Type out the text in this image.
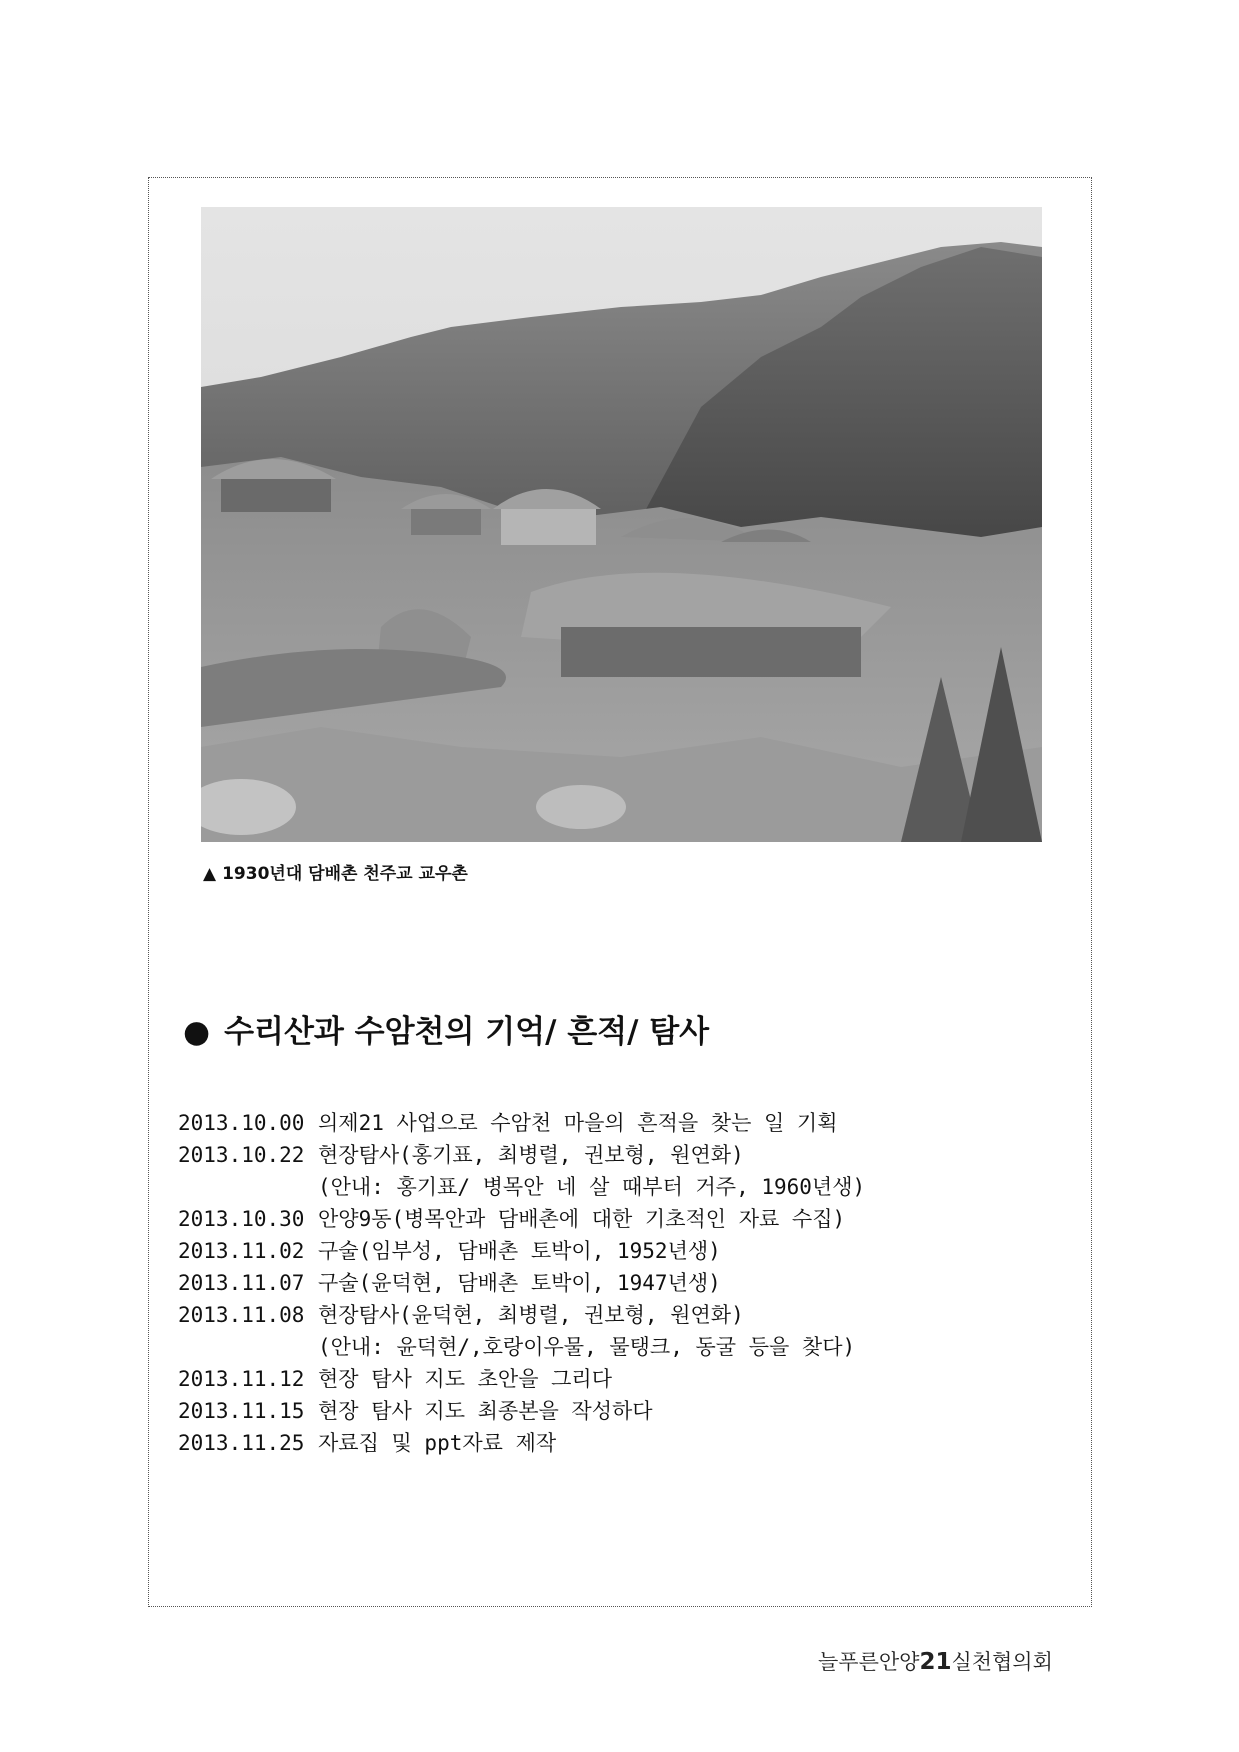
▲ 1930년대 담배촌 천주교 교우촌
● 수리산과 수암천의 기억/ 흔적/ 탐사
2013.10.00 의제21 사업으로 수암천 마을의 흔적을 찾는 일 기획
2013.10.22 현장탐사(홍기표, 최병렬, 권보형, 원연화)
(안내: 홍기표/ 병목안 네 살 때부터 거주, 1960년생)
2013.10.30 안양9동(병목안과 담배촌에 대한 기초적인 자료 수집)
2013.11.02 구술(임부성, 담배촌 토박이, 1952년생)
2013.11.07 구술(윤덕현, 담배촌 토박이, 1947년생)
2013.11.08 현장탐사(윤덕현, 최병렬, 권보형, 원연화)
(안내: 윤덕현/,호랑이우물, 물탱크, 동굴 등을 찾다)
2013.11.12 현장 탐사 지도 초안을 그리다
2013.11.15 현장 탐사 지도 최종본을 작성하다
2013.11.25 자료집 및 ppt자료 제작
늘푸른안양21실천협의회
